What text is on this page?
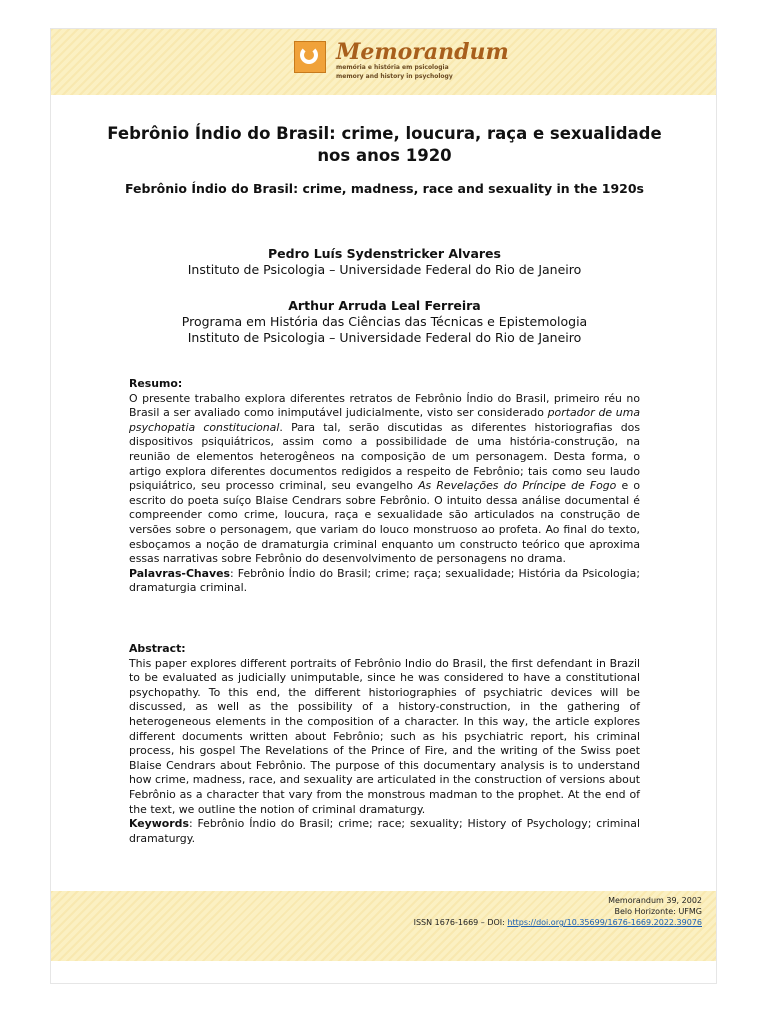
Memorandum
memória e história em psicologia
memory and history in psychology
Febrônio Índio do Brasil: crime, loucura, raça e sexualidade nos anos 1920
Febrônio Índio do Brasil: crime, madness, race and sexuality in the 1920s
Pedro Luís Sydenstricker Alvares
Instituto de Psicologia – Universidade Federal do Rio de Janeiro
Arthur Arruda Leal Ferreira
Programa em História das Ciências das Técnicas e Epistemologia
Instituto de Psicologia – Universidade Federal do Rio de Janeiro
Resumo:
O presente trabalho explora diferentes retratos de Febrônio Índio do Brasil, primeiro réu no Brasil a ser avaliado como inimputável judicialmente, visto ser considerado portador de uma psychopatia constitucional. Para tal, serão discutidas as diferentes historiografias dos dispositivos psiquiátricos, assim como a possibilidade de uma história-construção, na reunião de elementos heterogêneos na composição de um personagem. Desta forma, o artigo explora diferentes documentos redigidos a respeito de Febrônio; tais como seu laudo psiquiátrico, seu processo criminal, seu evangelho As Revelações do Príncipe de Fogo e o escrito do poeta suíço Blaise Cendrars sobre Febrônio. O intuito dessa análise documental é compreender como crime, loucura, raça e sexualidade são articulados na construção de versões sobre o personagem, que variam do louco monstruoso ao profeta. Ao final do texto, esboçamos a noção de dramaturgia criminal enquanto um constructo teórico que aproxima essas narrativas sobre Febrônio do desenvolvimento de personagens no drama.
Palavras-Chaves: Febrônio Índio do Brasil; crime; raça; sexualidade; História da Psicologia; dramaturgia criminal.
Abstract:
This paper explores different portraits of Febrônio Indio do Brasil, the first defendant in Brazil to be evaluated as judicially unimputable, since he was considered to have a constitutional psychopathy. To this end, the different historiographies of psychiatric devices will be discussed, as well as the possibility of a history-construction, in the gathering of heterogeneous elements in the composition of a character. In this way, the article explores different documents written about Febrônio; such as his psychiatric report, his criminal process, his gospel The Revelations of the Prince of Fire, and the writing of the Swiss poet Blaise Cendrars about Febrônio. The purpose of this documentary analysis is to understand how crime, madness, race, and sexuality are articulated in the construction of versions about Febrônio as a character that vary from the monstrous madman to the prophet. At the end of the text, we outline the notion of criminal dramaturgy.
Keywords: Febrônio Índio do Brasil; crime; race; sexuality; History of Psychology; criminal dramaturgy.
Memorandum 39, 2002
Belo Horizonte: UFMG
ISSN 1676-1669 – DOI: https://doi.org/10.35699/1676-1669.2022.39076
